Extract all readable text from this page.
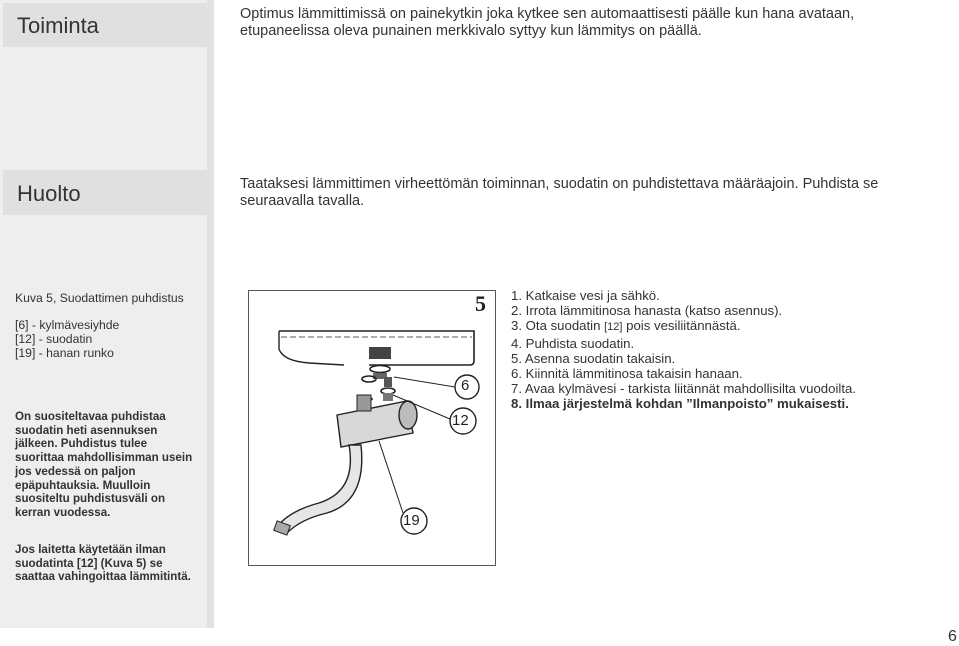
Toiminta	Optimus lämmittimissä on painekytkin joka kytkee sen automaattisesti päälle kun hana avataan, etupaneelissa oleva punainen merkkivalo syttyy kun lämmitys on päällä.
Huolto	Taataksesi lämmittimen virheettömän toiminnan, suodatin on puhdistettava määräajoin. Puhdista se seuraavalla tavalla.
Kuva 5, Suodattimen puhdistus
[6] - kylmävesiyhde
[12] - suodatin
[19] - hanan runko
On suositeltavaa puhdistaa suodatin heti asennuksen jälkeen. Puhdistus tulee suorittaa mahdollisimman usein jos vedessä on paljon epäpuhtauksia. Muulloin suositeltu puhdistusväli on kerran vuodessa.
Jos laitetta käytetään ilman suodatinta [12] (Kuva 5) se saattaa vahingoittaa lämmitintä.
5
6
12
19
1. Katkaise vesi ja sähkö.
2. Irrota lämmitinosa hanasta (katso asennus).
3. Ota suodatin [12] pois vesiliitännästä.
4. Puhdista suodatin.
5. Asenna suodatin takaisin.
6. Kiinnitä lämmitinosa takaisin hanaan.
7. Avaa kylmävesi - tarkista liitännät mahdollisilta vuodoilta.
8. Ilmaa järjestelmä kohdan ”Ilmanpoisto” mukaisesti.
6
